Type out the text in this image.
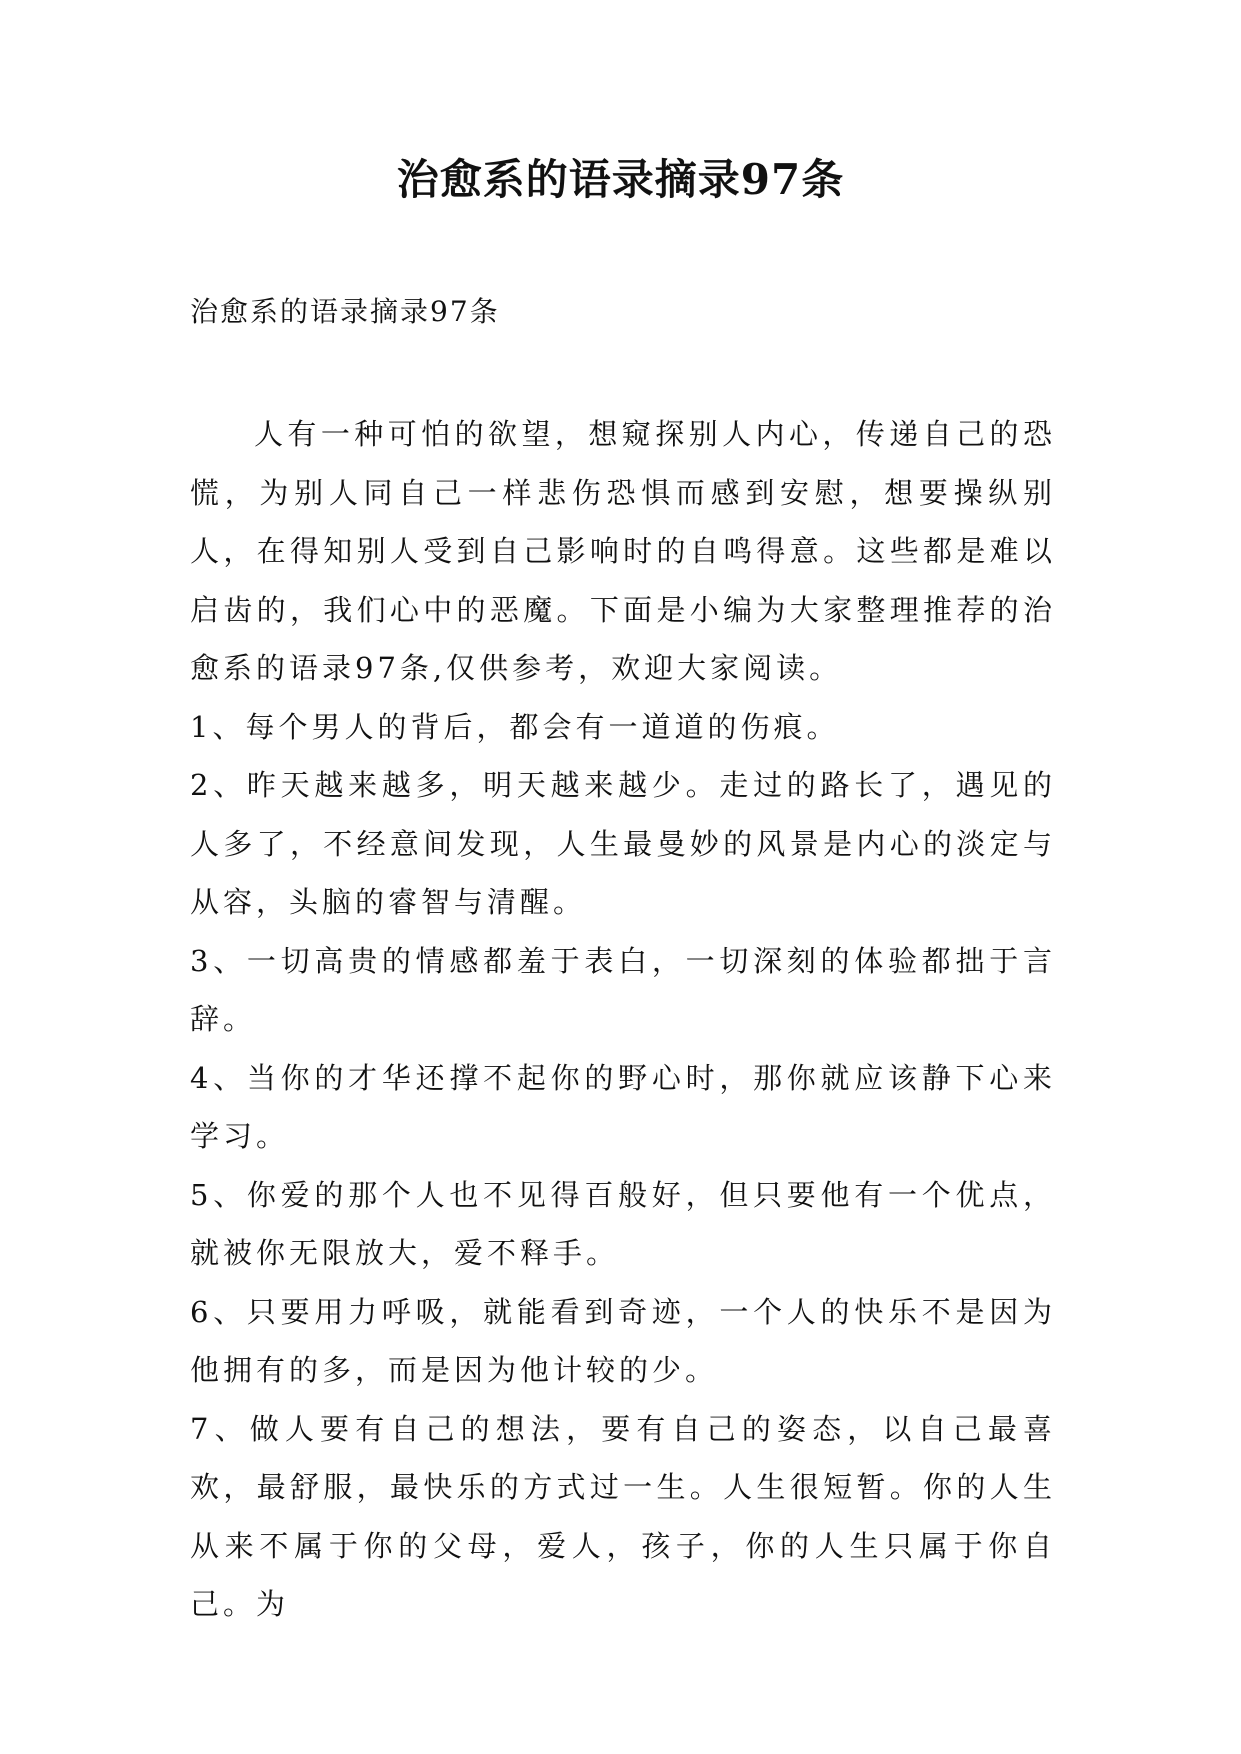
治愈系的语录摘录97条
治愈系的语录摘录97条

人有一种可怕的欲望，想窥探别人内心，传递自己的恐慌，为别人同自己一样悲伤恐惧而感到安慰，想要操纵别人，在得知别人受到自己影响时的自鸣得意。这些都是难以启齿的，我们心中的恶魔。下面是小编为大家整理推荐的治愈系的语录97条,仅供参考，欢迎大家阅读。

1、每个男人的背后，都会有一道道的伤痕。

2、昨天越来越多，明天越来越少。走过的路长了，遇见的人多了，不经意间发现，人生最曼妙的风景是内心的淡定与从容，头脑的睿智与清醒。

3、一切高贵的情感都羞于表白，一切深刻的体验都拙于言辞。

4、当你的才华还撑不起你的野心时，那你就应该静下心来学习。

5、你爱的那个人也不见得百般好，但只要他有一个优点，就被你无限放大，爱不释手。

6、只要用力呼吸，就能看到奇迹，一个人的快乐不是因为他拥有的多，而是因为他计较的少。

7、做人要有自己的想法，要有自己的姿态，以自己最喜欢，最舒服，最快乐的方式过一生。人生很短暂。你的人生从来不属于你的父母，爱人，孩子，你的人生只属于你自己。为
